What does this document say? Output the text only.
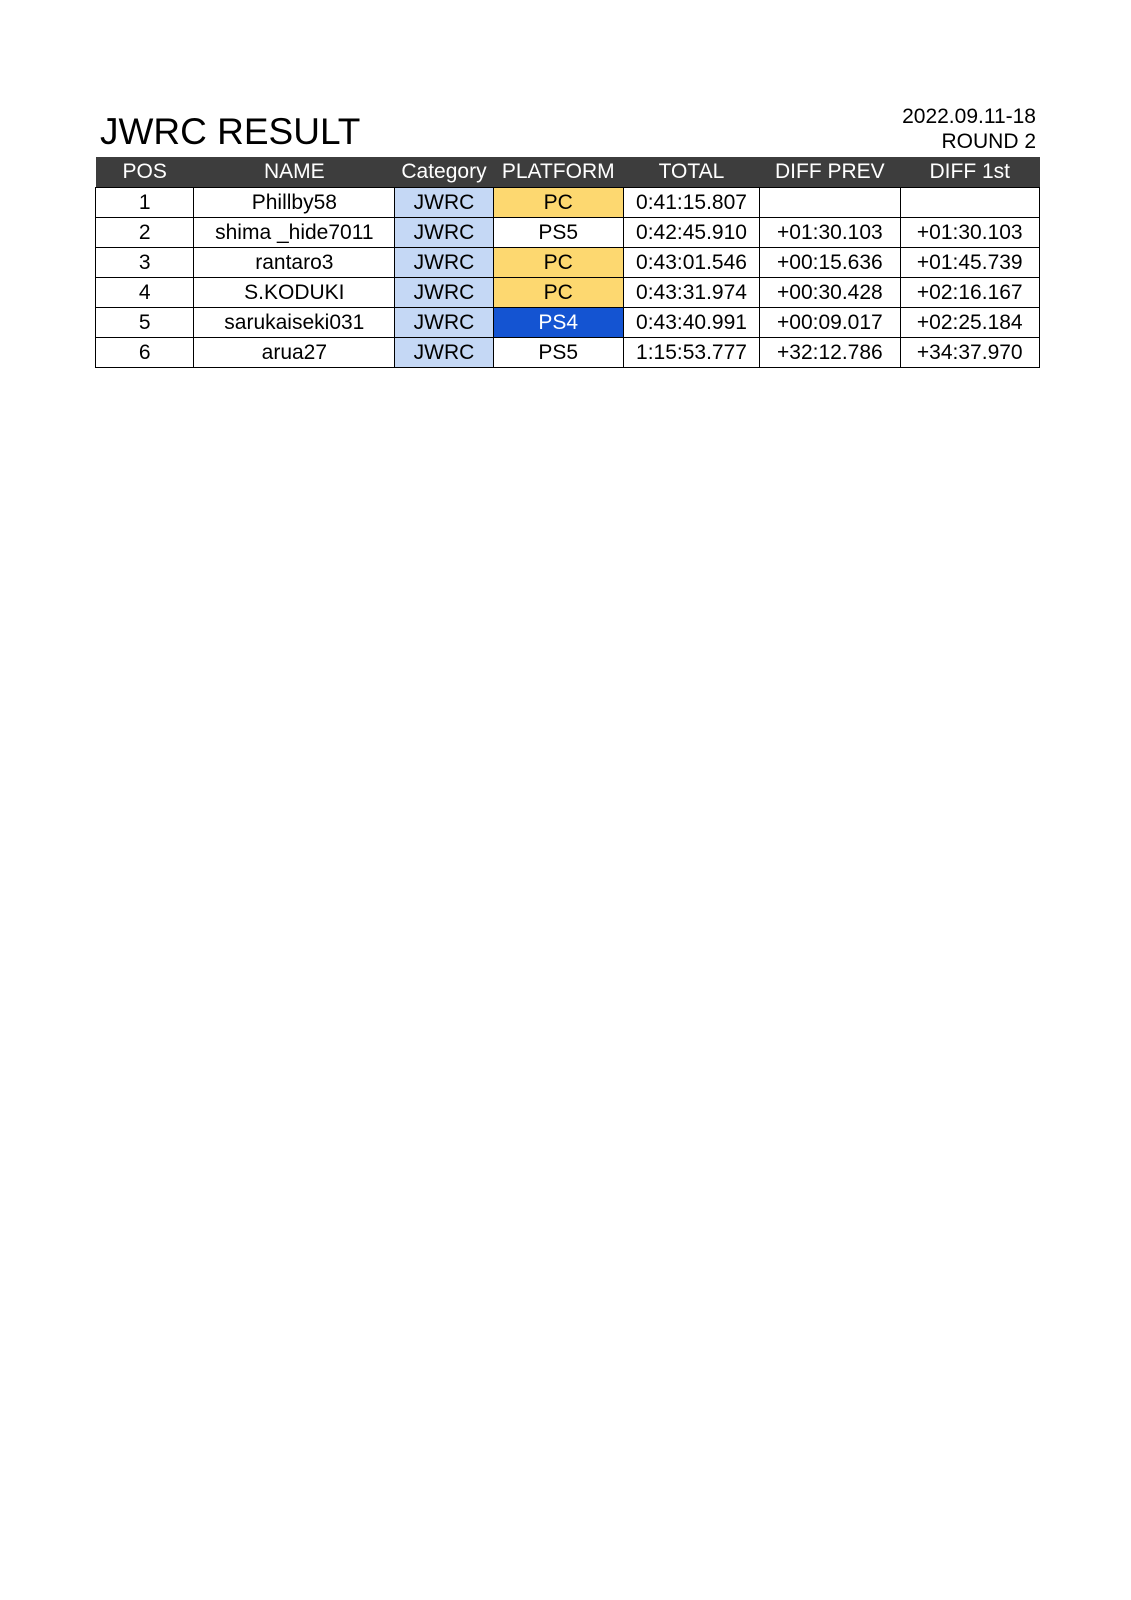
JWRC RESULT	2022.09.11-18
ROUND 2
POS	NAME	Category	PLATFORM	TOTAL	DIFF PREV	DIFF 1st
1	Phillby58	JWRC	PC	0:41:15.807		
2	shima _hide7011	JWRC	PS5	0:42:45.910	+01:30.103	+01:30.103
3	rantaro3	JWRC	PC	0:43:01.546	+00:15.636	+01:45.739
4	S.KODUKI	JWRC	PC	0:43:31.974	+00:30.428	+02:16.167
5	sarukaiseki031	JWRC	PS4	0:43:40.991	+00:09.017	+02:25.184
6	arua27	JWRC	PS5	1:15:53.777	+32:12.786	+34:37.970
